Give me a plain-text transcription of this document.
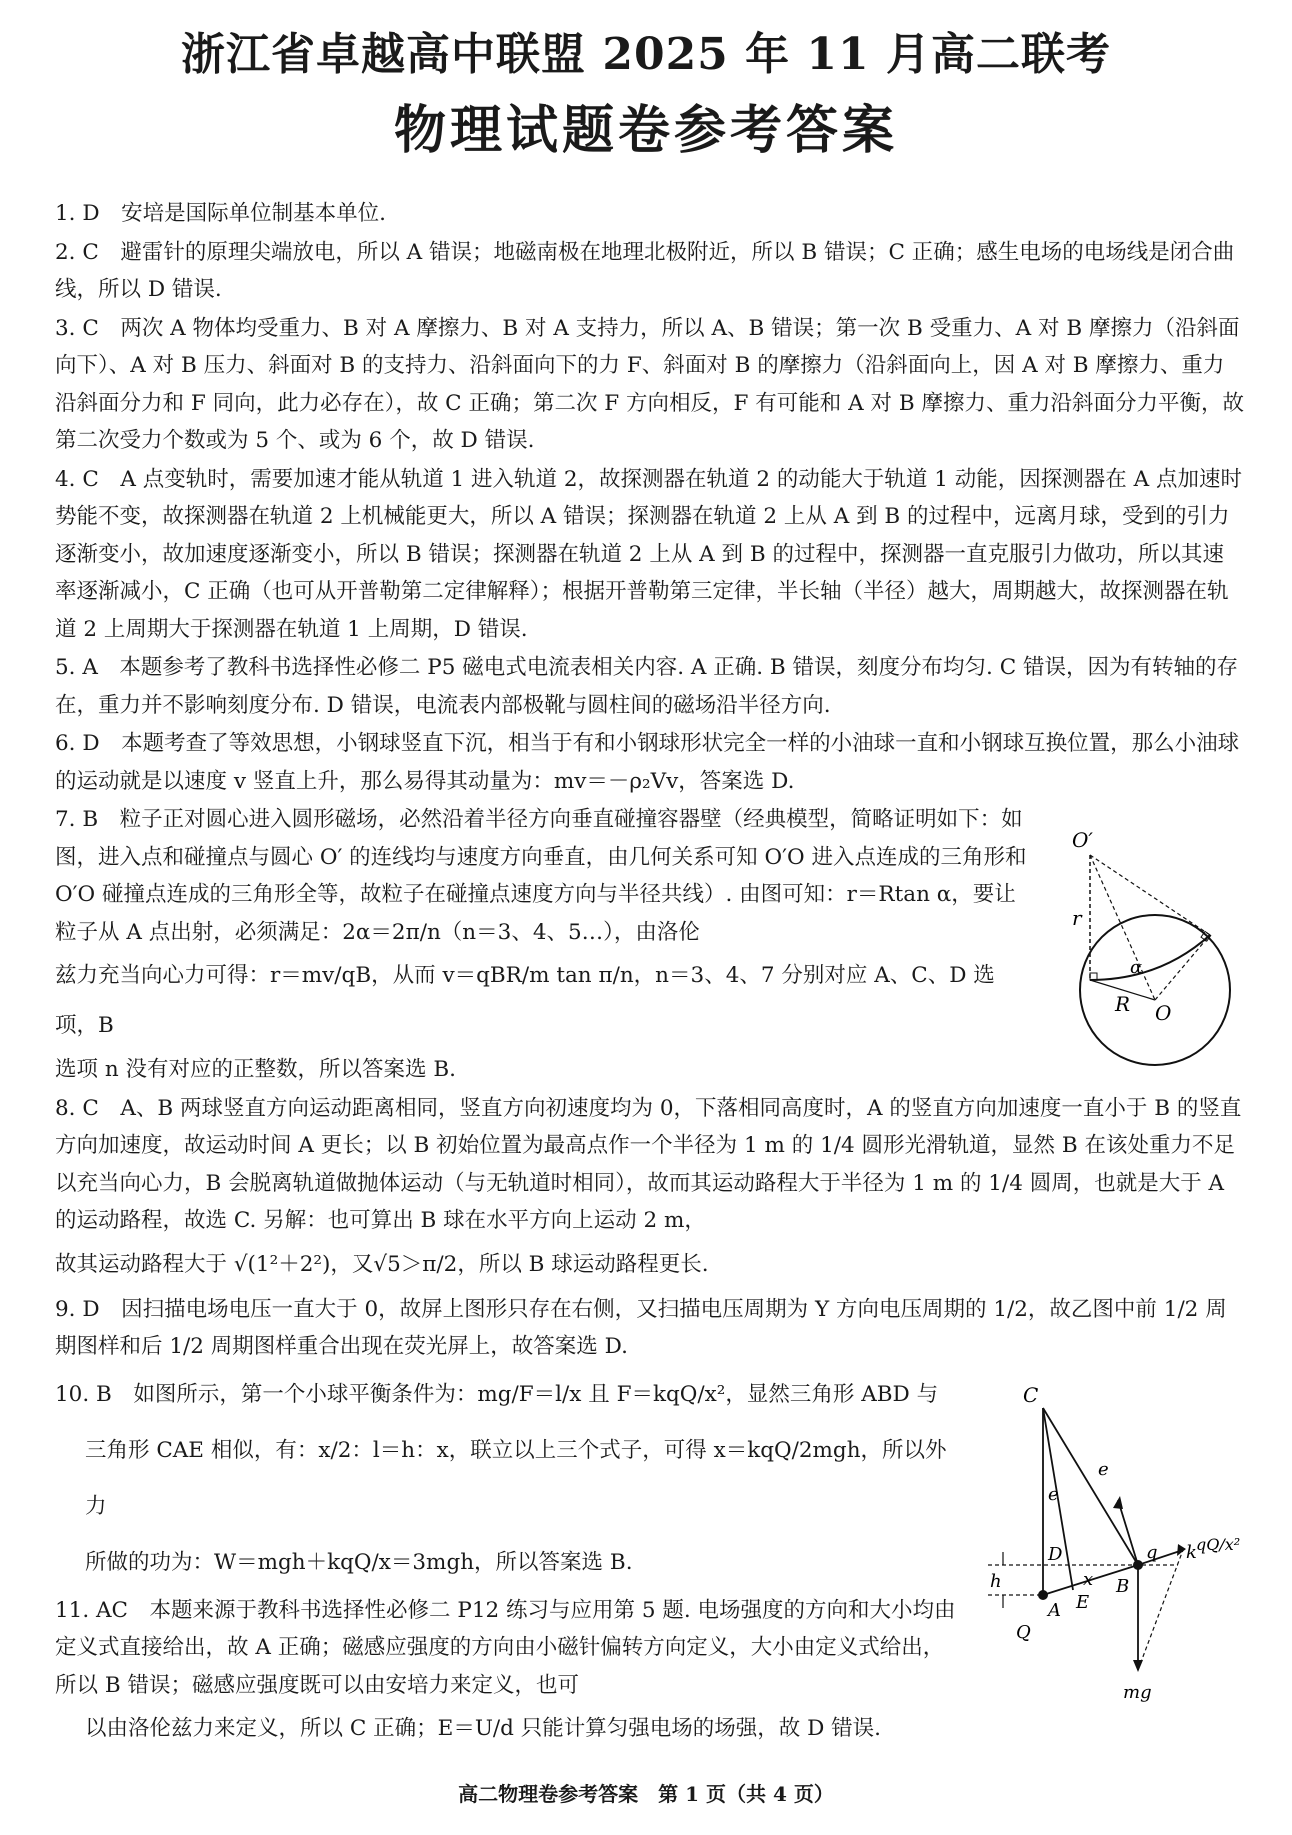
浙江省卓越高中联盟 2025 年 11 月高二联考
物理试题卷参考答案
1. D　 安培是国际单位制基本单位.
2. C　 避雷针的原理尖端放电，所以 A 错误；地磁南极在地理北极附近，所以 B 错误；C 正确；感生电场的电场线是闭合曲线，所以 D 错误.
3. C　 两次 A 物体均受重力、B 对 A 摩擦力、B 对 A 支持力，所以 A、B 错误；第一次 B 受重力、A 对 B 摩擦力（沿斜面向下）、A 对 B 压力、斜面对 B 的支持力、沿斜面向下的力 F、斜面对 B 的摩擦力（沿斜面向上，因 A 对 B 摩擦力、重力沿斜面分力和 F 同向，此力必存在），故 C 正确；第二次 F 方向相反，F 有可能和 A 对 B 摩擦力、重力沿斜面分力平衡，故第二次受力个数或为 5 个、或为 6 个，故 D 错误.
4. C　 A 点变轨时，需要加速才能从轨道 1 进入轨道 2，故探测器在轨道 2 的动能大于轨道 1 动能，因探测器在 A 点加速时势能不变，故探测器在轨道 2 上机械能更大，所以 A 错误；探测器在轨道 2 上从 A 到 B 的过程中，远离月球，受到的引力逐渐变小，故加速度逐渐变小，所以 B 错误；探测器在轨道 2 上从 A 到 B 的过程中，探测器一直克服引力做功，所以其速率逐渐减小，C 正确（也可从开普勒第二定律解释）；根据开普勒第三定律，半长轴（半径）越大，周期越大，故探测器在轨道 2 上周期大于探测器在轨道 1 上周期，D 错误.
5. A　 本题参考了教科书选择性必修二 P5 磁电式电流表相关内容. A 正确. B 错误，刻度分布均匀. C 错误，因为有转轴的存在，重力并不影响刻度分布. D 错误，电流表内部极靴与圆柱间的磁场沿半径方向.
6. D　 本题考查了等效思想，小钢球竖直下沉，相当于有和小钢球形状完全一样的小油球一直和小钢球互换位置，那么小油球的运动就是以速度 v 竖直上升，那么易得其动量为：mv＝－ρ₂Vv，答案选 D.
7. B　 粒子正对圆心进入圆形磁场，必然沿着半径方向垂直碰撞容器壁（经典模型，简略证明如下：如图，进入点和碰撞点与圆心 O′ 的连线均与速度方向垂直，由几何关系可知 O′O 进入点连成的三角形和 O′O 碰撞点连成的三角形全等，故粒子在碰撞点速度方向与半径共线）. 由图可知：r＝Rtan α，要让粒子从 A 点出射，必须满足：2α＝2π/n（n＝3、4、5…），由洛伦
兹力充当向心力可得：r＝mv/qB，从而 v＝qBR/m tan π/n，n＝3、4、7 分别对应 A、C、D 选项，B
选项 n 没有对应的正整数，所以答案选 B.
8. C　 A、B 两球竖直方向运动距离相同，竖直方向初速度均为 0，下落相同高度时，A 的竖直方向加速度一直小于 B 的竖直方向加速度，故运动时间 A 更长；以 B 初始位置为最高点作一个半径为 1 m 的 1/4 圆形光滑轨道，显然 B 在该处重力不足以充当向心力，B 会脱离轨道做抛体运动（与无轨道时相同），故而其运动路程大于半径为 1 m 的 1/4 圆周，也就是大于 A 的运动路程，故选 C. 另解：也可算出 B 球在水平方向上运动 2 m，
故其运动路程大于 √(1²＋2²)，又√5＞π/2，所以 B 球运动路程更长.
9. D　 因扫描电场电压一直大于 0，故屏上图形只存在右侧，又扫描电压周期为 Y 方向电压周期的 1/2，故乙图中前 1/2 周期图样和后 1/2 周期图样重合出现在荧光屏上，故答案选 D.
10. B　 如图所示，第一个小球平衡条件为：mg/F＝l/x 且 F＝kqQ/x²，显然三角形 ABD 与
三角形 CAE 相似，有：x/2：l＝h：x，联立以上三个式子，可得 x＝kqQ/2mgh，所以外力
所做的功为：W＝mgh＋kqQ/x＝3mgh，所以答案选 B.
11. AC　 本题来源于教科书选择性必修二 P12 练习与应用第 5 题. 电场强度的方向和大小均由定义式直接给出，故 A 正确；磁感应强度的方向由小磁针偏转方向定义，大小由定义式给出，所以 B 错误；磁感应强度既可以由安培力来定义，也可
以由洛伦兹力来定义，所以 C 正确；E＝U/d 只能计算匀强电场的场强，故 D 错误.
O′
r
α
R O
C
e
e
D
h	x
A E
B
Q
q k qQ/x²
mg
高二物理卷参考答案　第 1 页（共 4 页）
